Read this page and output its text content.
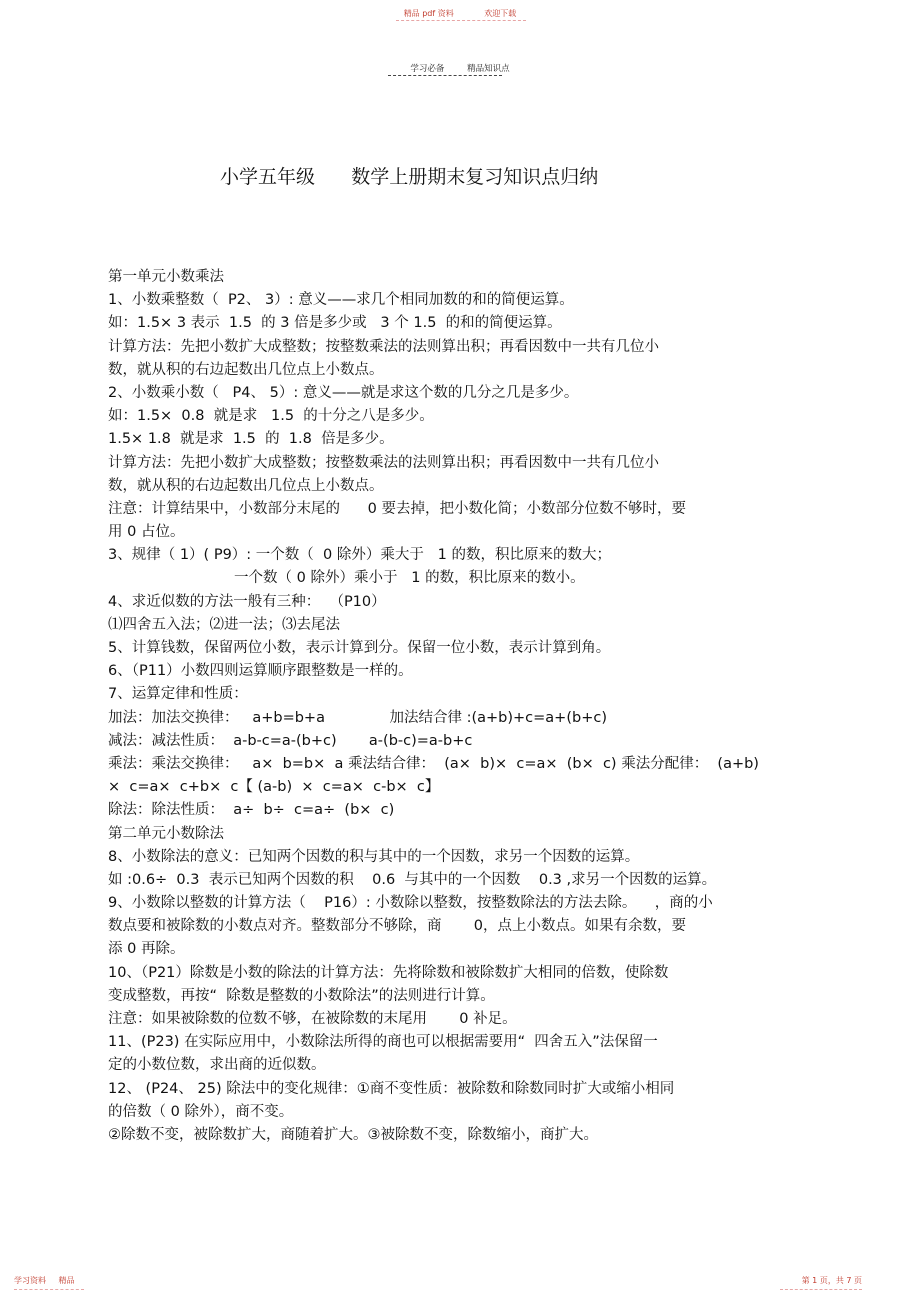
精品 pdf 资料	欢迎下载
学习必备	精品知识点
小学五年级      数学上册期末复习知识点归纳
第一单元小数乘法
1、小数乘整数（  P2、 3）: 意义——求几个相同加数的和的简便运算。
如：1.5× 3 表示  1.5  的 3 倍是多少或   3 个 1.5  的和的简便运算。
计算方法：先把小数扩大成整数；按整数乘法的法则算出积；再看因数中一共有几位小
数，就从积的右边起数出几位点上小数点。
2、小数乘小数（   P4、 5）: 意义——就是求这个数的几分之几是多少。
如：1.5×  0.8  就是求   1.5  的十分之八是多少。
1.5× 1.8  就是求  1.5  的  1.8  倍是多少。
计算方法：先把小数扩大成整数；按整数乘法的法则算出积；再看因数中一共有几位小
数，就从积的右边起数出几位点上小数点。
注意：计算结果中，小数部分末尾的      0 要去掉，把小数化简；小数部分位数不够时，要
用 0 占位。
3、规律（ 1）( P9）: 一个数（  0 除外）乘大于   1 的数，积比原来的数大；
一个数（ 0 除外）乘小于   1 的数，积比原来的数小。
4、求近似数的方法一般有三种：  （P10）
⑴四舍五入法；⑵进一法；⑶去尾法
5、计算钱数，保留两位小数，表示计算到分。保留一位小数，表示计算到角。
6、（P11）小数四则运算顺序跟整数是一样的。
7、运算定律和性质：
加法：加法交换律：   a+b=b+a              加法结合律 :(a+b)+c=a+(b+c)
减法：减法性质：  a-b-c=a-(b+c)       a-(b-c)=a-b+c
乘法：乘法交换律：   a×  b=b×  a 乘法结合律：  (a×  b)×  c=a×  (b×  c) 乘法分配律：  (a+b)
×  c=a×  c+b×  c【 (a-b)  ×  c=a×  c-b×  c】
除法：除法性质：  a÷  b÷  c=a÷  (b×  c)
第二单元小数除法
8、小数除法的意义：已知两个因数的积与其中的一个因数，求另一个因数的运算。
如 :0.6÷  0.3  表示已知两个因数的积    0.6  与其中的一个因数    0.3 ,求另一个因数的运算。
9、小数除以整数的计算方法（    P16）: 小数除以整数，按整数除法的方法去除。    ，商的小
数点要和被除数的小数点对齐。整数部分不够除，商       0，点上小数点。如果有余数，要
添 0 再除。
10、（P21）除数是小数的除法的计算方法：先将除数和被除数扩大相同的倍数，使除数
变成整数，再按“  除数是整数的小数除法”的法则进行计算。
注意：如果被除数的位数不够，在被除数的末尾用       0 补足。
11、(P23) 在实际应用中，小数除法所得的商也可以根据需要用“  四舍五入”法保留一
定的小数位数，求出商的近似数。
12、 (P24、 25) 除法中的变化规律：①商不变性质：被除数和除数同时扩大或缩小相同
的倍数（ 0 除外），商不变。
②除数不变，被除数扩大，商随着扩大。③被除数不变，除数缩小，商扩大。
学习资料 精品	第 1 页，共 7 页
